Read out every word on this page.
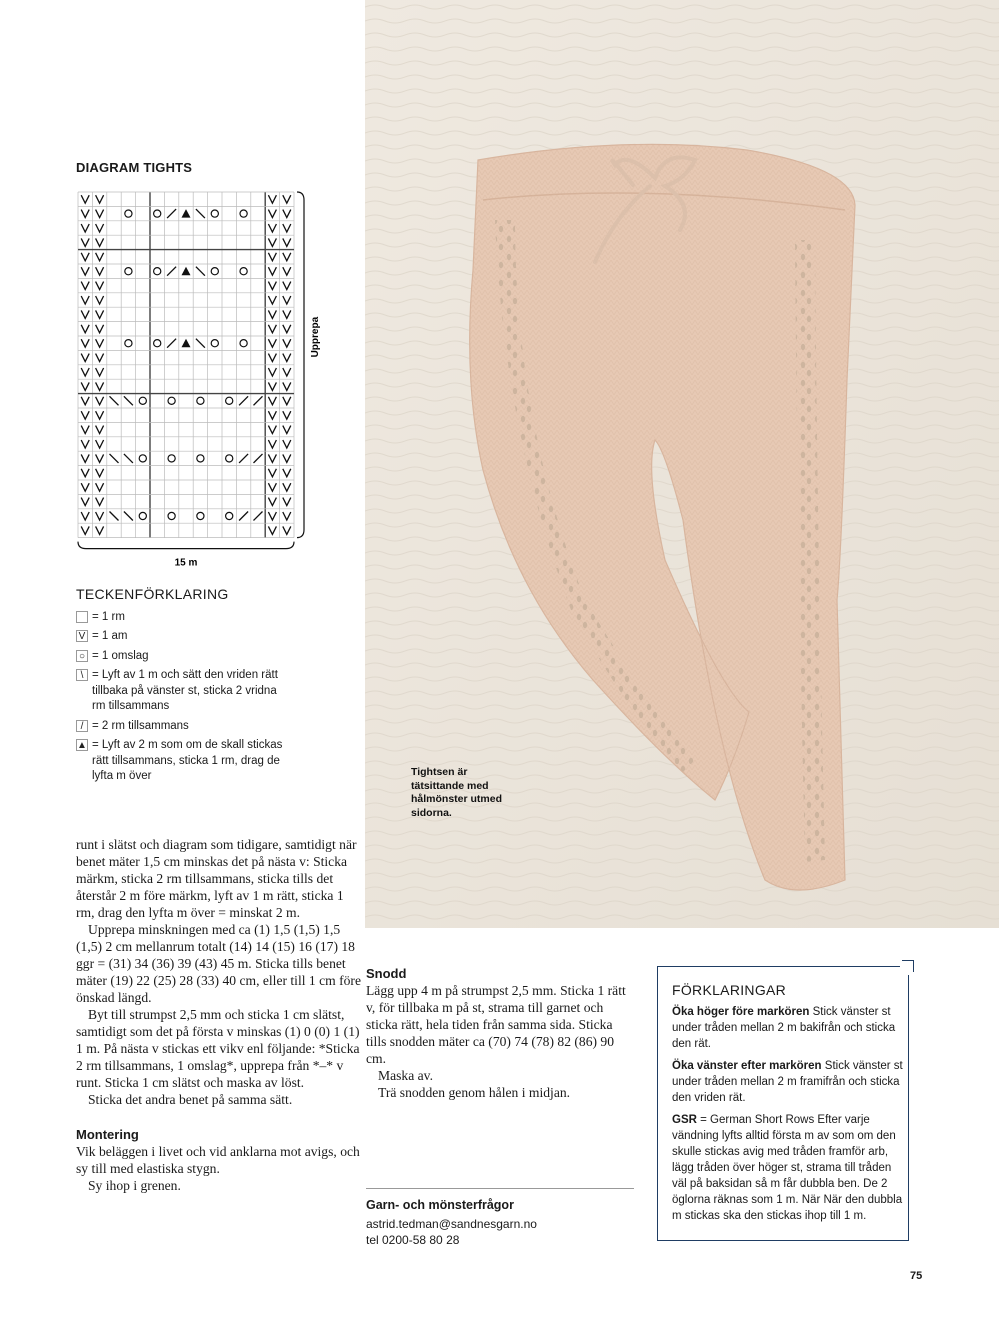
Tightsen är tätsittande med hålmönster utmed sidorna.
DIAGRAM TIGHTS
Upprepa
15 m
TECKENFÖRKLARING
= 1 rm
V = 1 am
○ = 1 omslag
\ = Lyft av 1 m och sätt den vriden rätt tillbaka på vänster st, sticka 2 vridna rm tillsammans
/ = 2 rm tillsammans
▲ = Lyft av 2 m som om de skall stickas rätt tillsammans, sticka 1 rm, drag de lyfta m över

runt i slätst och diagram som tidigare, samtidigt när benet mäter 1,5 cm minskas det på nästa v: Sticka märkm, sticka 2 rm tillsammans, sticka tills det återstår 2 m före märkm, lyft av 1 m rätt, sticka 1 rm, drag den lyfta m över = minskat 2 m.

Upprepa minskningen med ca (1) 1,5 (1,5) 1,5 (1,5) 2 cm mellanrum totalt (14) 14 (15) 16 (17) 18 ggr = (31) 34 (36) 39 (43) 45 m. Sticka tills benet mäter (19) 22 (25) 28 (33) 40 cm, eller till 1 cm före önskad längd.

Byt till strumpst 2,5 mm och sticka 1 cm slätst, samtidigt som det på första v minskas (1) 0 (0) 1 (1) 1 m. På nästa v stickas ett vikv enl följande: *Sticka 2 rm tillsammans, 1 omslag*, upprepa från *–* v runt. Sticka 1 cm slätst och maska av löst.

Sticka det andra benet på samma sätt.

Montering

Vik beläggen i livet och vid anklarna mot avigs, och sy till med elastiska stygn.

Sy ihop i grenen.

Snodd

Lägg upp 4 m på strumpst 2,5 mm. Sticka 1 rätt v, för tillbaka m på st, strama till garnet och sticka rätt, hela tiden från samma sida. Sticka tills snodden mäter ca (70) 74 (78) 82 (86) 90 cm.

Maska av.

Trä snodden genom hålen i midjan.

Garn- och mönsterfrågor
astrid.tedman@sandnesgarn.no
tel 0200-58 80 28
FÖRKLARINGAR

Öka höger före markören Stick vänster st under tråden mellan 2 m bakifrån och sticka den rät.

Öka vänster efter markören Stick vänster st under tråden mellan 2 m framifrån och sticka den vriden rät.

GSR = German Short Rows Efter varje vändning lyfts alltid första m av som om den skulle stickas avig med tråden framför arb, lägg tråden över höger st, strama till tråden väl på baksidan så m får dubbla ben. De 2 öglorna räknas som 1 m. När När den dubbla m stickas ska den stickas ihop till 1 m.

75
